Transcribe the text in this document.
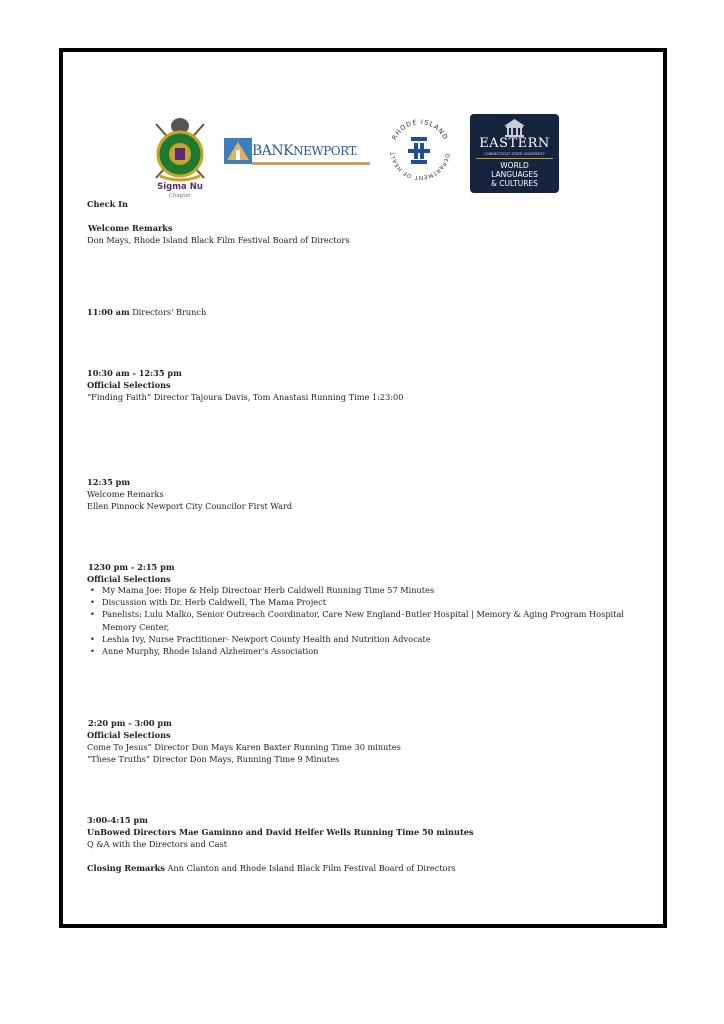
Sigma Nu
Chapter
BANKNEWPORT.
RHODE ISLAND
DEPARTMENT OF HEALT
EASTERN
CONNECTICUT STATE UNIVERSITY
WORLD
LANGUAGES
& CULTURES
Check In
Welcome Remarks
Don Mays, Rhode Island Black Film Festival Board of Directors
11:00 am Directors' Brunch
10:30 am - 12:35 pm
Official Selections
“Finding Faith” Director Tajoura Davis, Tom Anastasi Running Time 1:23:00
12:35 pm
Welcome Remarks
Ellen Pinnock Newport City Councilor First Ward
1230 pm - 2:15 pm
Official Selections
• My Mama Joe: Hope & Help Directoar Herb Caldwell Running Time 57 Minutes
• Discussion with Dr. Herb Caldwell, The Mama Project
• Panelists: Lulu Malko, Senior Outreach Coordinator, Care New England–Butler Hospital | Memory & Aging Program Hospital Memory Center,
• Leshia Ivy, Nurse Practitioner- Newport County Health and Nutrition Advocate
• Anne Murphy, Rhode Island Alzheimer's Association
2:20 pm - 3:00 pm
Official Selections
Come To Jesus” Director Don Mays Karen Baxter Running Time 30 minutes
“These Truths” Director Don Mays, Running Time 9 Minutes
3:00-4:15 pm
UnBowed Directors Mae Gaminno and David Helfer Wells Running Time 50 minutes
Q &A with the Directors and Cast
Closing Remarks Ann Clanton and Rhode Island Black Film Festival Board of Directors
